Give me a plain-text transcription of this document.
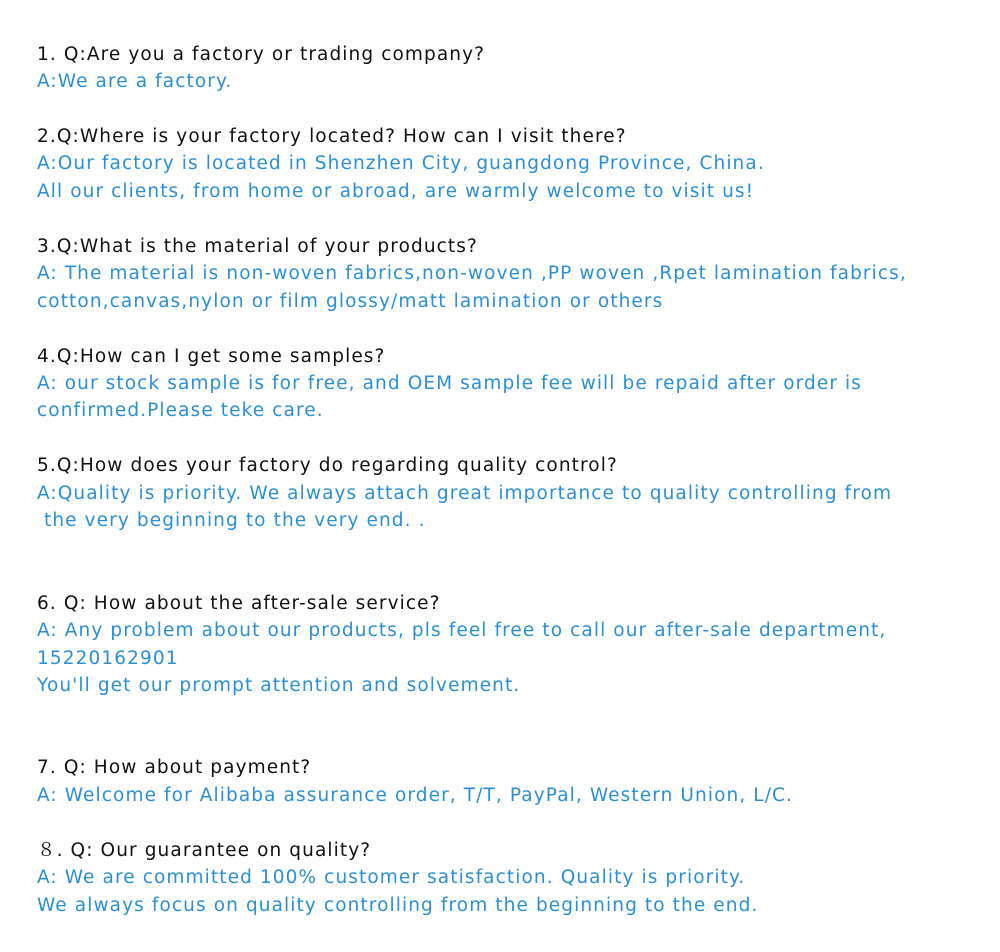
1. Q:Are you a factory or trading company?
A:We are a factory.
2.Q:Where is your factory located? How can I visit there?
A:Our factory is located in Shenzhen City, guangdong Province, China.
All our clients, from home or abroad, are warmly welcome to visit us!
3.Q:What is the material of your products?
A: The material is non-woven fabrics,non-woven ,PP woven ,Rpet lamination fabrics,
cotton,canvas,nylon or film glossy/matt lamination or others
4.Q:How can I get some samples?
A: our stock sample is for free, and OEM sample fee will be repaid after order is
confirmed.Please teke care.
5.Q:How does your factory do regarding quality control?
A:Quality is priority. We always attach great importance to quality controlling from
the very beginning to the very end. .
6. Q: How about the after-sale service?
A: Any problem about our products, pls feel free to call our after-sale department,
15220162901
You'll get our prompt attention and solvement.
7. Q: How about payment?
A: Welcome for Alibaba assurance order, T/T, PayPal, Western Union, L/C.
８. Q: Our guarantee on quality?
A: We are committed 100% customer satisfaction. Quality is priority.
We always focus on quality controlling from the beginning to the end.
